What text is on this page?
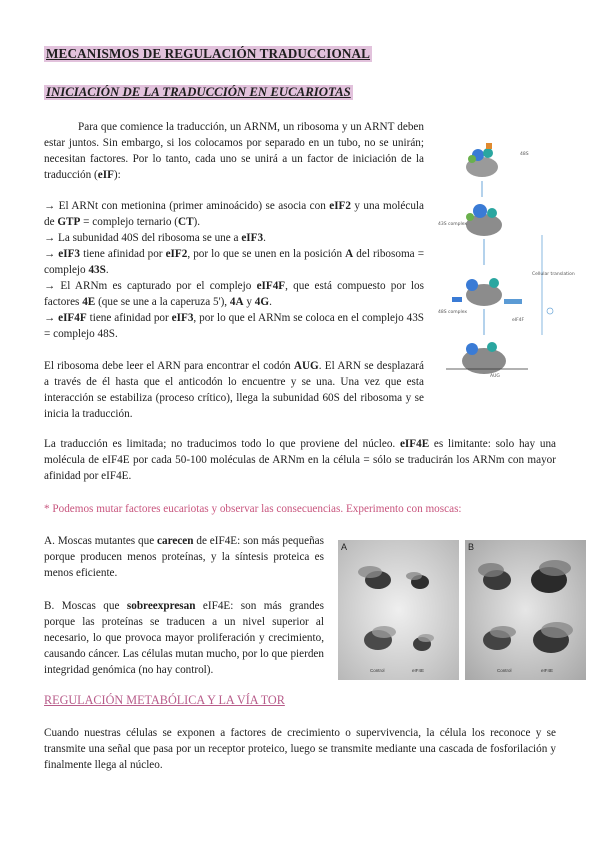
MECANISMOS DE REGULACIÓN TRADUCCIONAL
INICIACIÓN DE LA TRADUCCIÓN EN EUCARIOTAS
Para que comience la traducción, un ARNM, un ribosoma y un ARNT deben estar juntos. Sin embargo, si los colocamos por separado en un tubo, no se unirán; necesitan factores. Por lo tanto, cada uno se unirá a un factor de iniciación de la traducción (eIF):
→ El ARNt con metionina (primer aminoácido) se asocia con eIF2 y una molécula de GTP = complejo ternario (CT).
→ La subunidad 40S del ribosoma se une a eIF3.
→ eIF3 tiene afinidad por eIF2, por lo que se unen en la posición A del ribosoma = complejo 43S.
→ El ARNm es capturado por el complejo eIF4F, que está compuesto por los factores 4E (que se une a la caperuza 5'), 4A y 4G.
→ eIF4F tiene afinidad por eIF3, por lo que el ARNm se coloca en el complejo 43S = complejo 48S.
El ribosoma debe leer el ARN para encontrar el codón AUG. El ARN se desplazará a través de él hasta que el anticodón lo encuentre y se una. Una vez que esta interacción se estabiliza (proceso crítico), llega la subunidad 60S del ribosoma y se inicia la traducción.
La traducción es limitada; no traducimos todo lo que proviene del núcleo. eIF4E es limitante: solo hay una molécula de eIF4E por cada 50-100 moléculas de ARNm en la célula = sólo se traducirán los ARNm con mayor afinidad por eIF4E.
* Podemos mutar factores eucariotas y observar las consecuencias. Experimento con moscas:
A. Moscas mutantes que carecen de eIF4E: son más pequeñas porque producen menos proteínas, y la síntesis proteica es menos eficiente.
B. Moscas que sobreexpresan eIF4E: son más grandes porque las proteínas se traducen a un nivel superior al necesario, lo que provoca mayor proliferación y crecimiento, causando cáncer. Las células mutan mucho, por lo que pierden integridad genómica (no hay control).
REGULACIÓN METABÓLICA Y LA VÍA TOR
Cuando nuestras células se exponen a factores de crecimiento o supervivencia, la célula los reconoce y se transmite una señal que pasa por un receptor proteico, luego se transmite mediante una cascada de fosforilación y finalmente llega al núcleo.
43S complex
48S complex
AUG
Cellular translation
48S
eIF4F
A
Control	eIF4E
B
Control	eIF4E
